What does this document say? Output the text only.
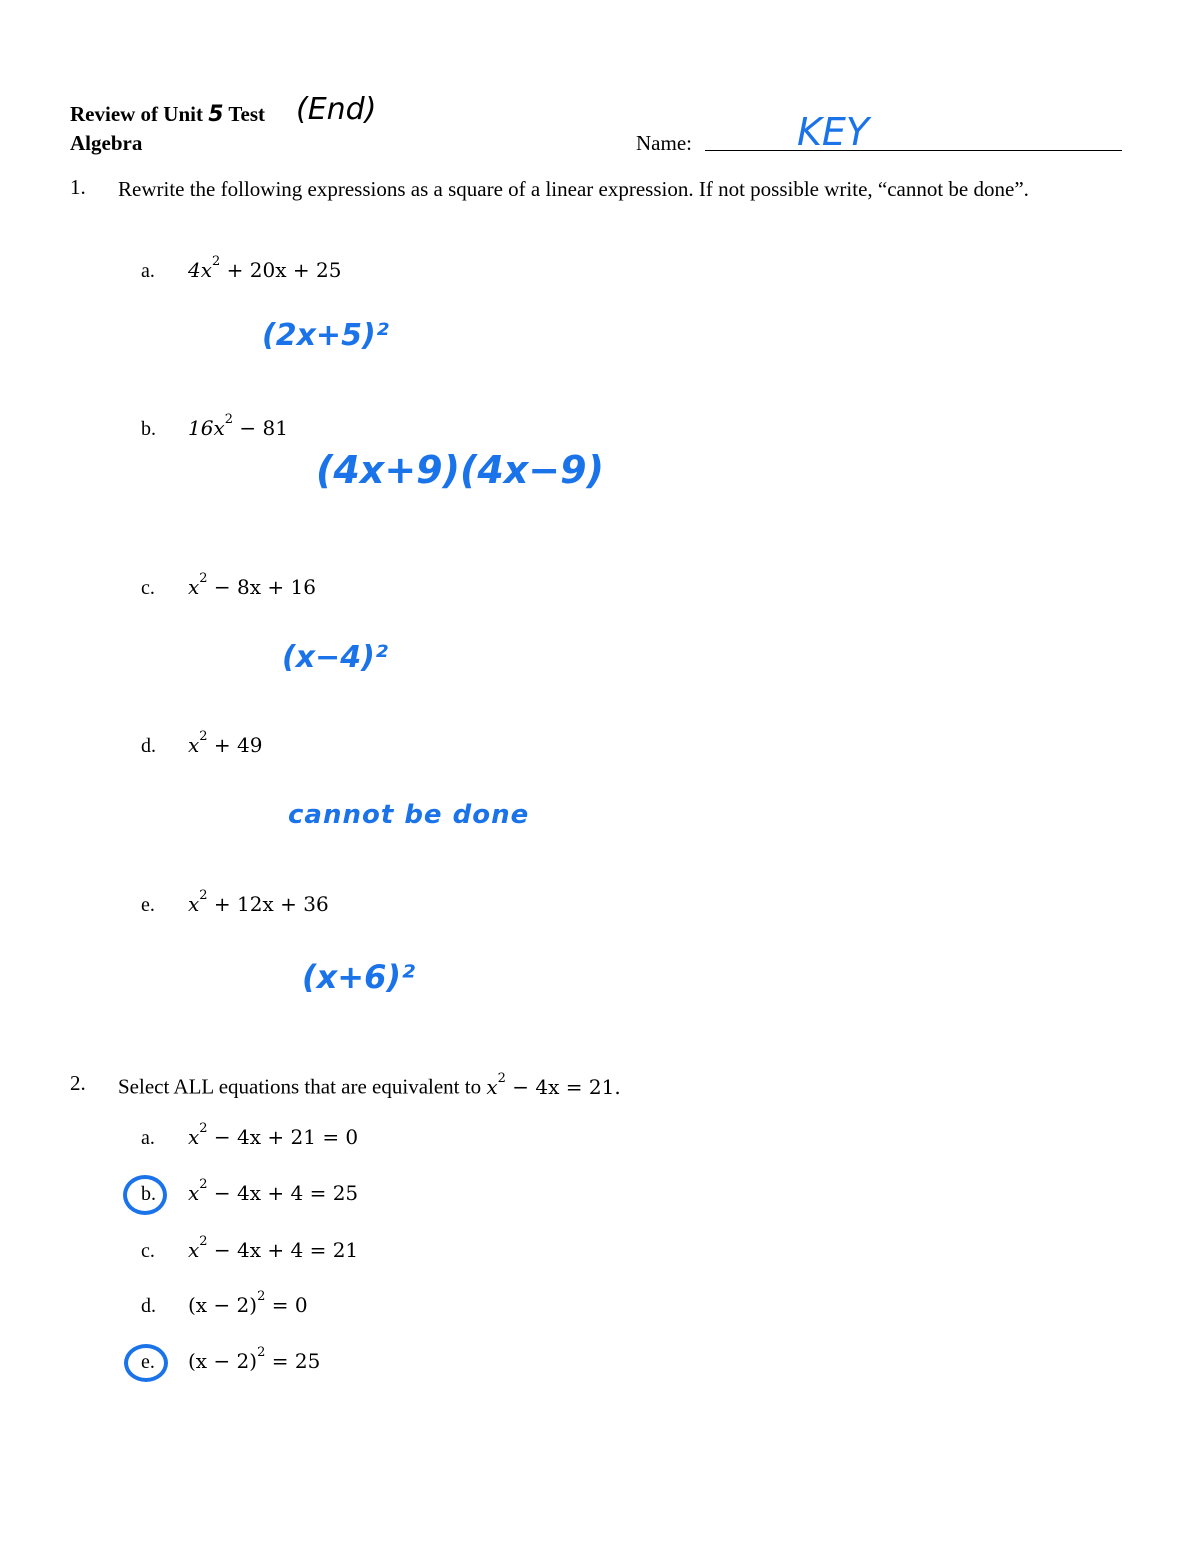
Review of Unit 5 Test (End)
Algebra	Name:	KEY
1. Rewrite the following expressions as a square of a linear expression. If not possible write, “cannot be done”.
a. $4x^2 + 20x + 25$
(2x+5)²
b. $16x^2 - 81$
(4x+9)(4x−9)
c. $x^2 - 8x + 16$
(x−4)²
d. $x^2 + 49$
cannot be done
e. $x^2 + 12x + 36$
(x+6)²
2. Select ALL equations that are equivalent to $x^2 - 4x = 21$.
a. $x^2 - 4x + 21 = 0$
b. $x^2 - 4x + 4 = 25$
c. $x^2 - 4x + 4 = 21$
d. $(x - 2)^2 = 0$
e. $(x - 2)^2 = 25$
